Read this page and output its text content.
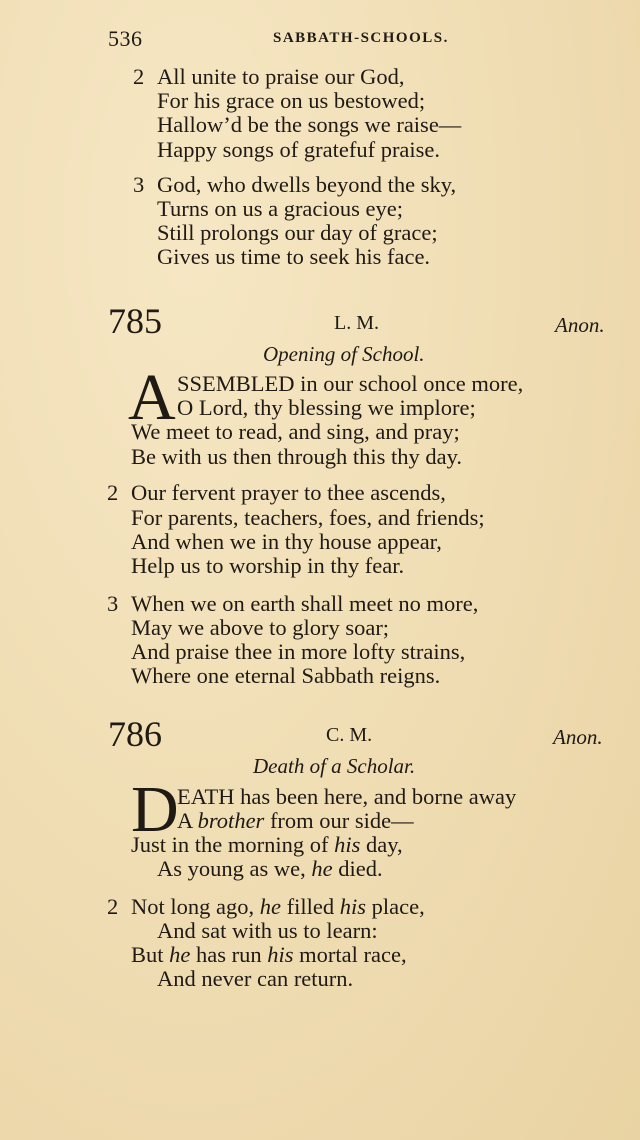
536	SABBATH-SCHOOLS.
2 All unite to praise our God,
For his grace on us bestowed;
Hallow’d be the songs we raise—
Happy songs of gratefuf praise.
3 God, who dwells beyond the sky,
Turns on us a gracious eye;
Still prolongs our day of grace;
Gives us time to seek his face.
785	L. M.	Anon.
Opening of School.
A SSEMBLED in our school once more,
O Lord, thy blessing we implore;
We meet to read, and sing, and pray;
Be with us then through this thy day.
2 Our fervent prayer to thee ascends,
For parents, teachers, foes, and friends;
And when we in thy house appear,
Help us to worship in thy fear.
3 When we on earth shall meet no more,
May we above to glory soar;
And praise thee in more lofty strains,
Where one eternal Sabbath reigns.
786	C. M.	Anon.
Death of a Scholar.
D
EATH has been here, and borne away
A brother from our side—
Just in the morning of his day,
As young as we, he died.
2 Not long ago, he filled his place,
And sat with us to learn:
But he has run his mortal race,
And never can return.
